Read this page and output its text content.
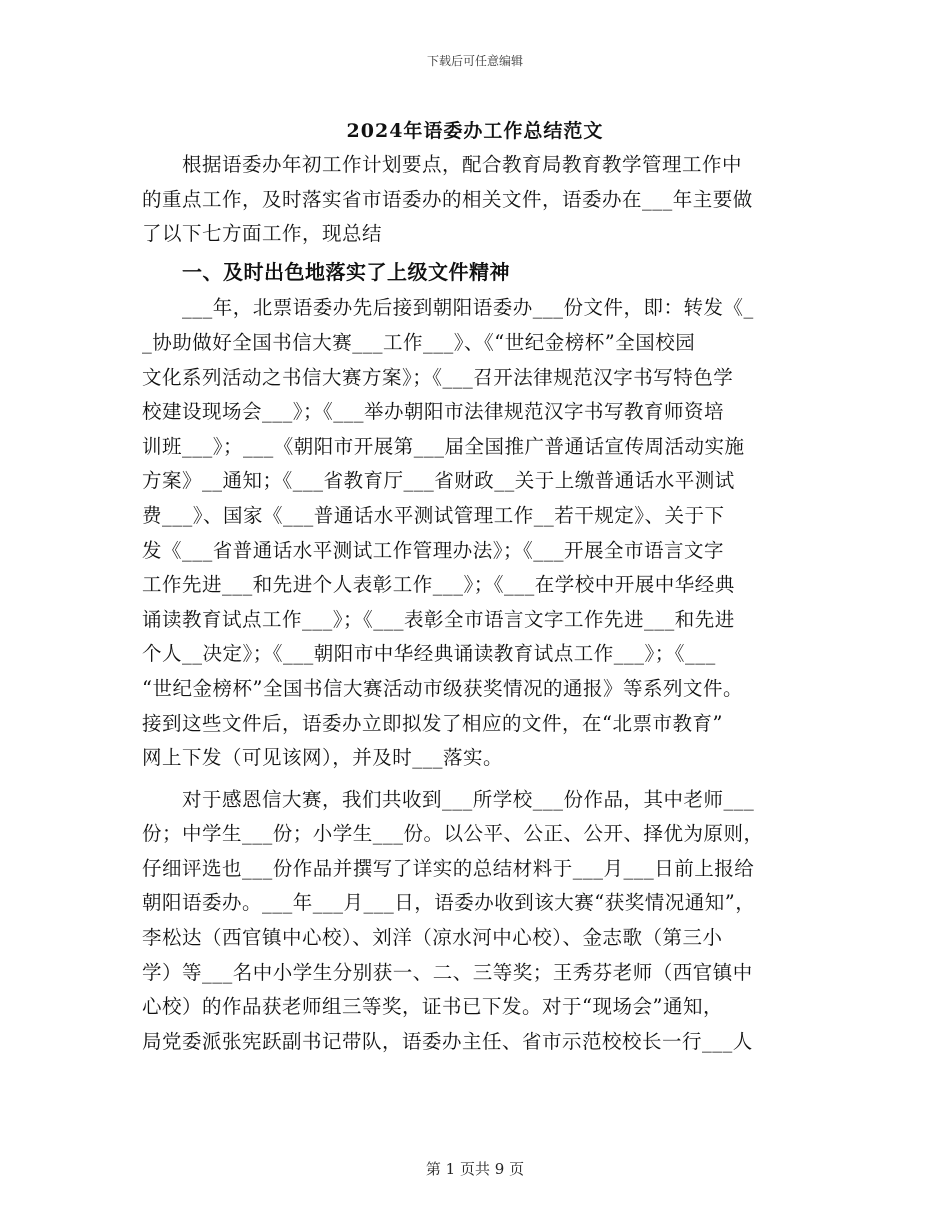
下载后可任意编辑
2024年语委办工作总结范文

根据语委办年初工作计划要点，配合教育局教育教学管理工作中
的重点工作，及时落实省市语委办的相关文件，语委办在___年主要做
了以下七方面工作，现总结

一、及时出色地落实了上级文件精神

___年，北票语委办先后接到朝阳语委办___份文件，即：转发《_
_协助做好全国书信大赛___工作___》、《“世纪金榜杯”全国校园
文化系列活动之书信大赛方案》；《___召开法律规范汉字书写特色学
校建设现场会___》；《___举办朝阳市法律规范汉字书写教育师资培
训班___》；___《朝阳市开展第___届全国推广普通话宣传周活动实施
方案》__通知；《___省教育厅___省财政__关于上缴普通话水平测试
费___》、国家《___普通话水平测试管理工作__若干规定》、关于下
发《___省普通话水平测试工作管理办法》；《___开展全市语言文字
工作先进___和先进个人表彰工作___》；《___在学校中开展中华经典
诵读教育试点工作___》；《___表彰全市语言文字工作先进___和先进
个人__决定》；《___朝阳市中华经典诵读教育试点工作___》；《___
“世纪金榜杯”全国书信大赛活动市级获奖情况的通报》等系列文件。
接到这些文件后，语委办立即拟发了相应的文件，在“北票市教育”
网上下发（可见该网），并及时___落实。

对于感恩信大赛，我们共收到___所学校___份作品，其中老师___
份；中学生___份；小学生___份。以公平、公正、公开、择优为原则，
仔细评选也___份作品并撰写了详实的总结材料于___月___日前上报给
朝阳语委办。___年___月___日，语委办收到该大赛“获奖情况通知”，
李松达（西官镇中心校）、刘洋（凉水河中心校）、金志歌（第三小
学）等___名中小学生分别获一、二、三等奖；王秀芬老师（西官镇中
心校）的作品获老师组三等奖，证书已下发。对于“现场会”通知，
局党委派张宪跃副书记带队，语委办主任、省市示范校校长一行___人

第 1 页共 9 页
